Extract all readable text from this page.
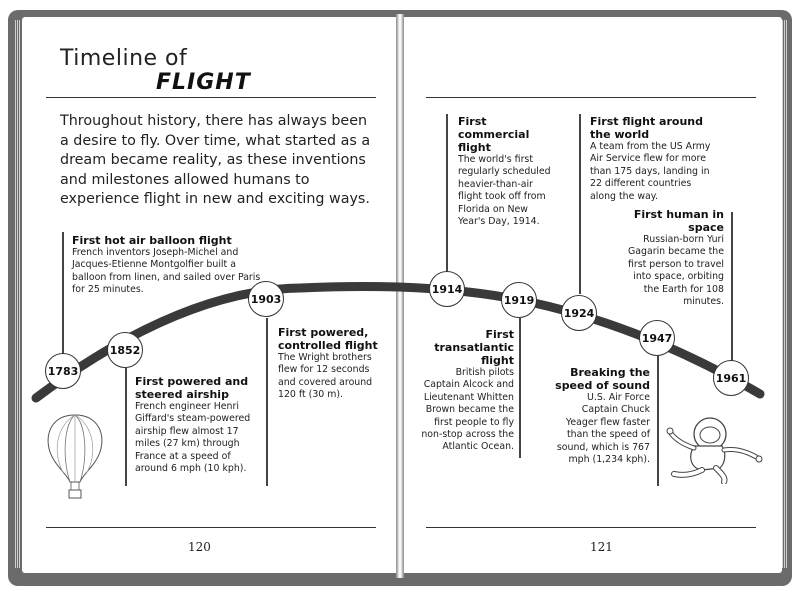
Timeline of
FLIGHT
Throughout history, there has always been a desire to fly. Over time, what started as a dream became reality, as these inventions and milestones allowed humans to experience flight in new and exciting ways.
1783
1852
1903
1914
1919
1924
1947
1961
First hot air balloon flight
French inventors Joseph-Michel and Jacques-Etienne Montgolfier built a balloon from linen, and sailed over Paris for 25 minutes.
First powered and steered airship
French engineer Henri Giffard's steam-powered airship flew almost 17 miles (27 km) through France at a speed of around 6 mph (10 kph).
First powered, controlled flight
The Wright brothers flew for 12 seconds and covered around 120 ft (30 m).
First commercial flight
The world's first regularly scheduled heavier-than-air flight took off from Florida on New Year's Day, 1914.
First transatlantic flight
British pilots Captain Alcock and Lieutenant Whitten Brown became the first people to fly non-stop across the Atlantic Ocean.
First flight around the world
A team from the US Army Air Service flew for more than 175 days, landing in 22 different countries along the way.
Breaking the speed of sound
U.S. Air Force Captain Chuck Yeager flew faster than the speed of sound, which is 767 mph (1,234 kph).
First human in space
Russian-born Yuri Gagarin became the first person to travel into space, orbiting the Earth for 108 minutes.
120	121
